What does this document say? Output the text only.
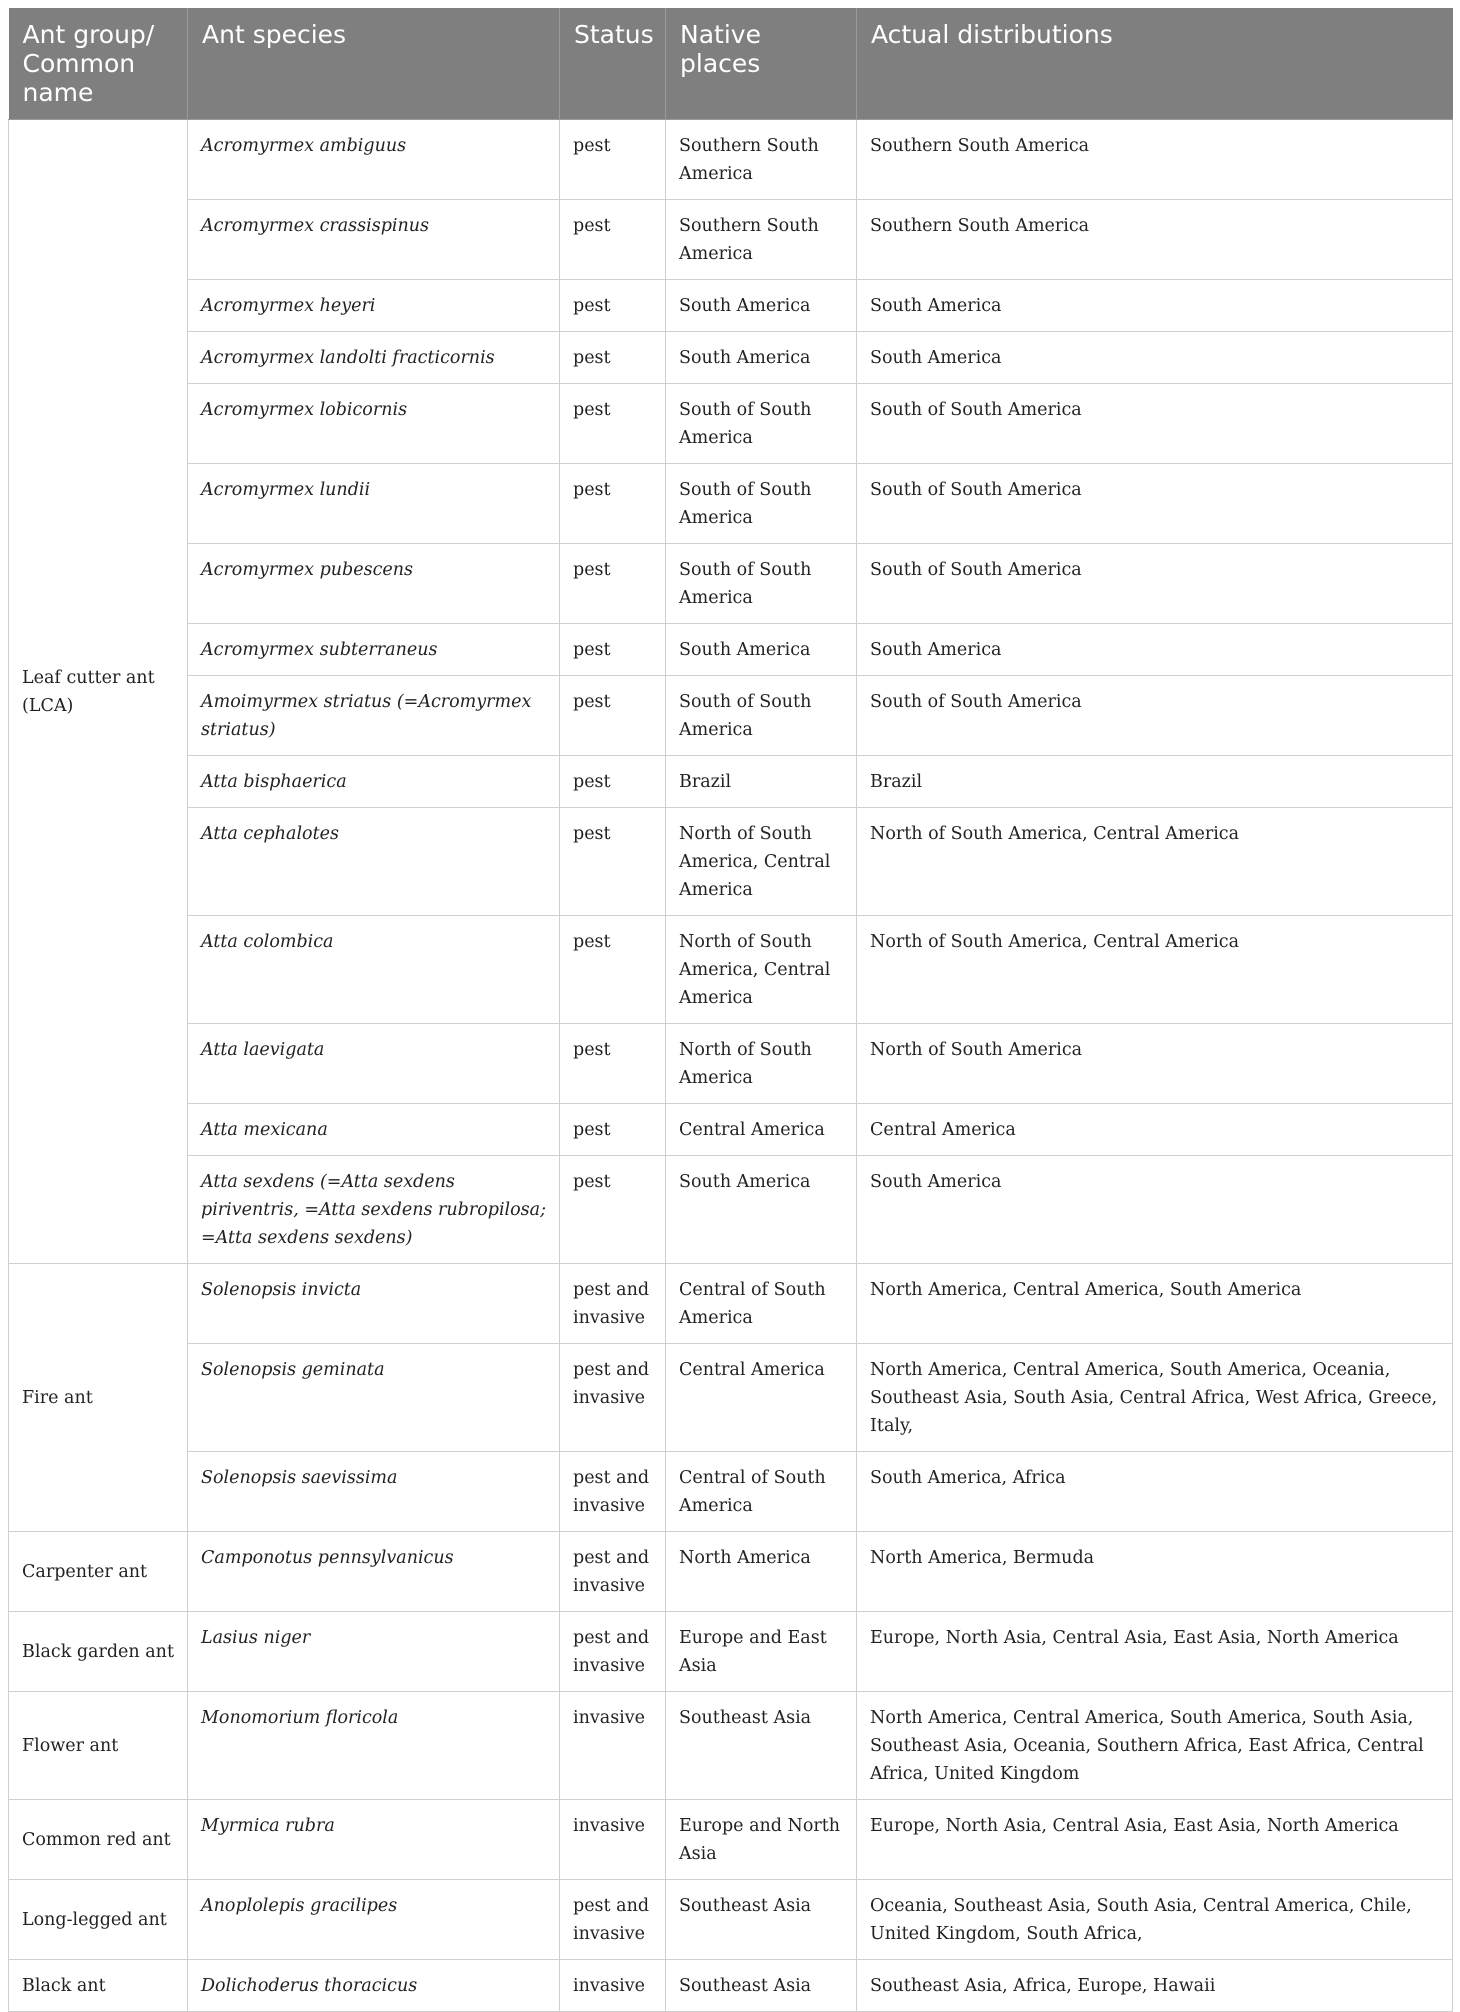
Ant group/ Common name	Ant species	Status	Native places	Actual distributions
Leaf cutter ant (LCA)	Acromyrmex ambiguus	pest	Southern South America	Southern South America
	Acromyrmex crassispinus	pest	Southern South America	Southern South America
	Acromyrmex heyeri	pest	South America	South America
	Acromyrmex landolti fracticornis	pest	South America	South America
	Acromyrmex lobicornis	pest	South of South America	South of South America
	Acromyrmex lundii	pest	South of South America	South of South America
	Acromyrmex pubescens	pest	South of South America	South of South America
	Acromyrmex subterraneus	pest	South America	South America
	Amoimyrmex striatus (=Acromyrmex striatus)	pest	South of South America	South of South America
	Atta bisphaerica	pest	Brazil	Brazil
	Atta cephalotes	pest	North of South America, Central America	North of South America, Central America
	Atta colombica	pest	North of South America, Central America	North of South America, Central America
	Atta laevigata	pest	North of South America	North of South America
	Atta mexicana	pest	Central America	Central America
	Atta sexdens (=Atta sexdens piriventris, =Atta sexdens rubropilosa; =Atta sexdens sexdens)	pest	South America	South America
Fire ant	Solenopsis invicta	pest and invasive	Central of South America	North America, Central America, South America
	Solenopsis geminata	pest and invasive	Central America	North America, Central America, South America, Oceania, Southeast Asia, South Asia, Central Africa, West Africa, Greece, Italy,
	Solenopsis saevissima	pest and invasive	Central of South America	South America, Africa
Carpenter ant	Camponotus pennsylvanicus	pest and invasive	North America	North America, Bermuda
Black garden ant	Lasius niger	pest and invasive	Europe and East Asia	Europe, North Asia, Central Asia, East Asia, North America
Flower ant	Monomorium floricola	invasive	Southeast Asia	North America, Central America, South America, South Asia, Southeast Asia, Oceania, Southern Africa, East Africa, Central Africa, United Kingdom
Common red ant	Myrmica rubra	invasive	Europe and North Asia	Europe, North Asia, Central Asia, East Asia, North America
Long-legged ant	Anoplolepis gracilipes	pest and invasive	Southeast Asia	Oceania, Southeast Asia, South Asia, Central America, Chile, United Kingdom, South Africa,
Black ant	Dolichoderus thoracicus	invasive	Southeast Asia	Southeast Asia, Africa, Europe, Hawaii
